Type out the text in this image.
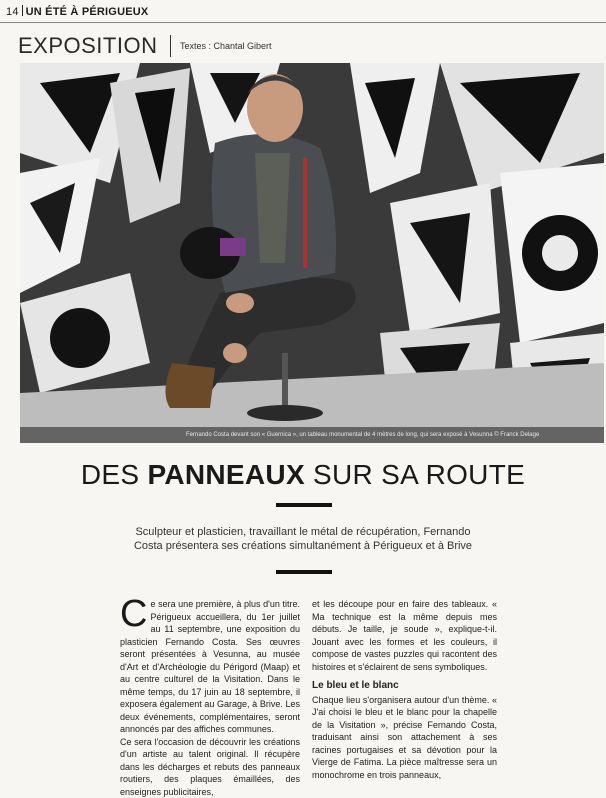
14 UN ÉTÉ À PÉRIGUEUX
EXPOSITION	Textes : Chantal Gibert
Fernando Costa devant son « Guernica », un tableau monumental de 4 mètres de long, qui sera exposé à Vesunna © Franck Delage
DES PANNEAUX SUR SA ROUTE
Sculpteur et plasticien, travaillant le métal de récupération, Fernando Costa présentera ses créations simultanément à Périgueux et à Brive

Ce sera une première, à plus d'un titre. Périgueux accueillera, du 1er juillet au 11 septembre, une exposition du plasticien Fernando Costa. Ses œuvres seront présentées à Vesunna, au musée d'Art et d'Archéologie du Périgord (Maap) et au centre culturel de la Visitation. Dans le même temps, du 17 juin au 18 septembre, il exposera également au Garage, à Brive. Les deux événements, complémentaires, seront annoncés par des affiches communes.

Ce sera l'occasion de découvrir les créations d'un artiste au talent original. Il récupère dans les décharges et rebuts des panneaux routiers, des plaques émaillées, des enseignes publicitaires,

et les découpe pour en faire des tableaux. « Ma technique est la même depuis mes débuts. Je taille, je soude », explique-t-il. Jouant avec les formes et les couleurs, il compose de vastes puzzles qui racontent des histoires et s'éclairent de sens symboliques.

Le bleu et le blanc

Chaque lieu s'organisera autour d'un thème. « J'ai choisi le bleu et le blanc pour la chapelle de la Visitation », précise Fernando Costa, traduisant ainsi son attachement à ses racines portugaises et sa dévotion pour la Vierge de Fatima. La pièce maîtresse sera un monochrome en trois panneaux,
